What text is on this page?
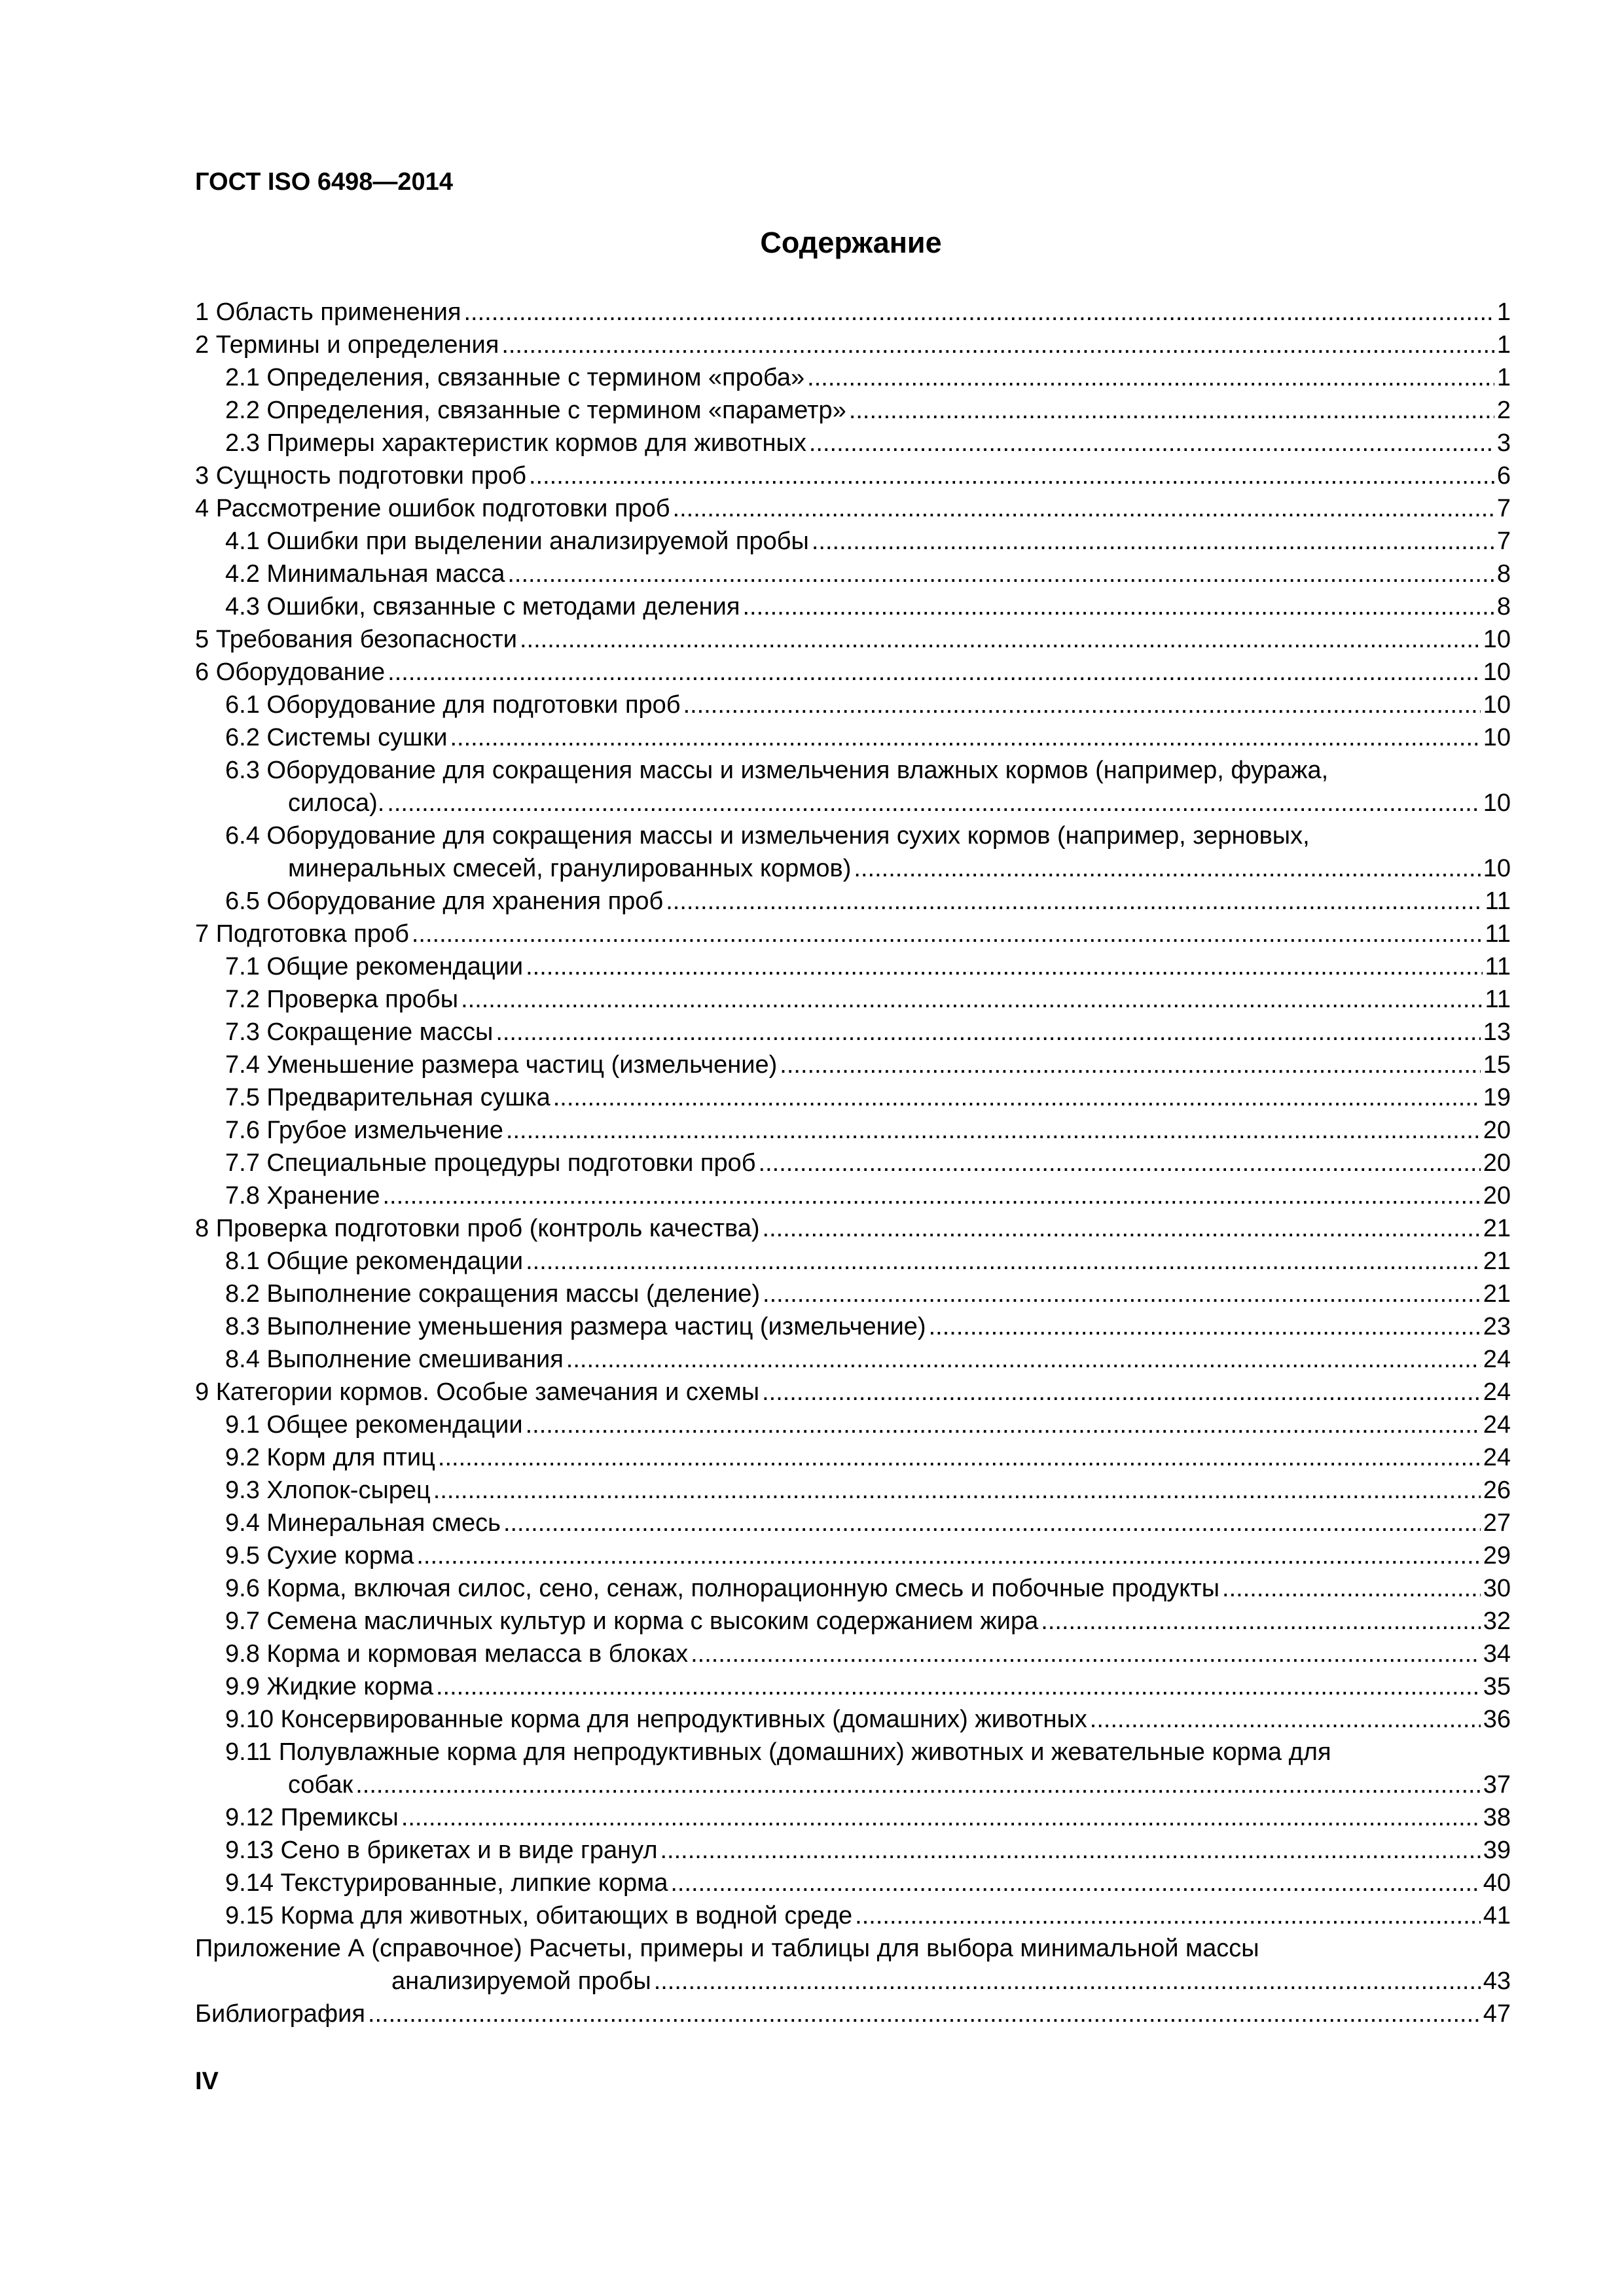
ГОСТ ISO 6498—2014
Содержание
1 Область применения .....	1
2 Термины и определения .....	1
2.1 Определения, связанные с термином «проба» .....	1
2.2 Определения, связанные с термином «параметр» .....	2
2.3 Примеры характеристик кормов для животных .....	3
3 Сущность подготовки проб .....	6
4 Рассмотрение ошибок подготовки проб .....	7
4.1 Ошибки при выделении анализируемой пробы .....	7
4.2 Минимальная масса .....	8
4.3 Ошибки, связанные с методами деления .....	8
5 Требования безопасности .....	10
6 Оборудование .....	10
6.1 Оборудование для подготовки проб .....	10
6.2 Системы сушки .....	10
6.3 Оборудование для сокращения массы и измельчения влажных кормов (например, фуража,
силоса). .....	10
6.4 Оборудование для сокращения массы и измельчения сухих кормов (например, зерновых,
минеральных смесей, гранулированных кормов) .....	10
6.5 Оборудование для хранения проб .....	11
7 Подготовка проб .....	11
7.1 Общие рекомендации .....	11
7.2 Проверка пробы .....	11
7.3 Сокращение массы .....	13
7.4 Уменьшение размера частиц (измельчение) .....	15
7.5 Предварительная сушка .....	19
7.6 Грубое измельчение .....	20
7.7 Специальные процедуры подготовки проб .....	20
7.8 Хранение .....	20
8 Проверка подготовки проб (контроль качества) .....	21
8.1 Общие рекомендации .....	21
8.2 Выполнение сокращения массы (деление) .....	21
8.3 Выполнение уменьшения размера частиц (измельчение) .....	23
8.4 Выполнение смешивания .....	24
9 Категории кормов. Особые замечания и схемы .....	24
9.1 Общее рекомендации .....	24
9.2 Корм для птиц .....	24
9.3 Хлопок-сырец .....	26
9.4 Минеральная смесь .....	27
9.5 Сухие корма .....	29
9.6 Корма, включая силос, сено, сенаж, полнорационную смесь и побочные продукты .....	30
9.7 Семена масличных культур и корма с высоким содержанием жира .....	32
9.8 Корма и кормовая меласса в блоках .....	34
9.9 Жидкие корма .....	35
9.10 Консервированные корма для непродуктивных (домашних) животных .....	36
9.11 Полувлажные корма для непродуктивных (домашних) животных и жевательные корма для
собак .....	37
9.12 Премиксы .....	38
9.13 Сено в брикетах и в виде гранул .....	39
9.14 Текстурированные, липкие корма .....	40
9.15 Корма для животных, обитающих в водной среде .....	41
Приложение А (справочное) Расчеты, примеры и таблицы для выбора минимальной массы
анализируемой пробы .....	43
Библиография .....	47
IV
